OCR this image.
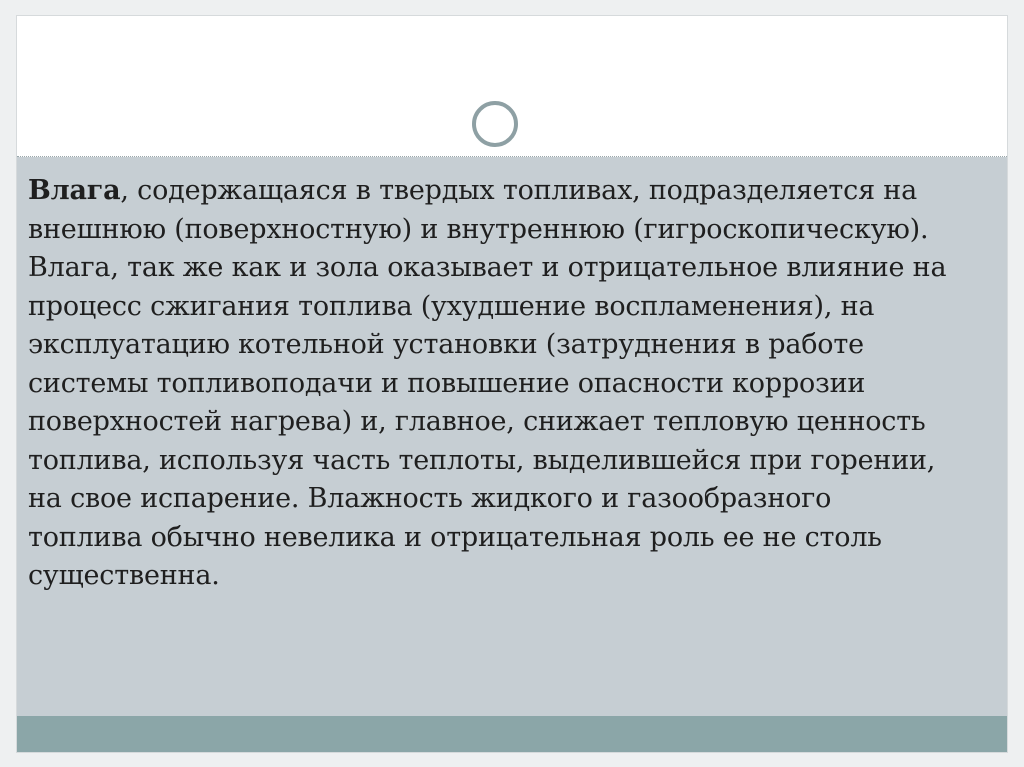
Влага, содержащаяся в твердых топливах, подразделяется на внешнюю (поверхностную) и внутреннюю (гигроскопическую). Влага, так же как и зола оказывает и отрицательное влияние на процесс сжигания топлива (ухудшение воспламенения), на эксплуатацию котельной установки (затруднения в работе системы топливоподачи и повышение опасности коррозии поверхностей нагрева) и, главное, снижает тепловую ценность топлива, используя часть теплоты, выделившейся при горении, на свое испарение. Влажность жидкого и газообразного топлива обычно невелика и отрицательная роль ее не столь существенна.
